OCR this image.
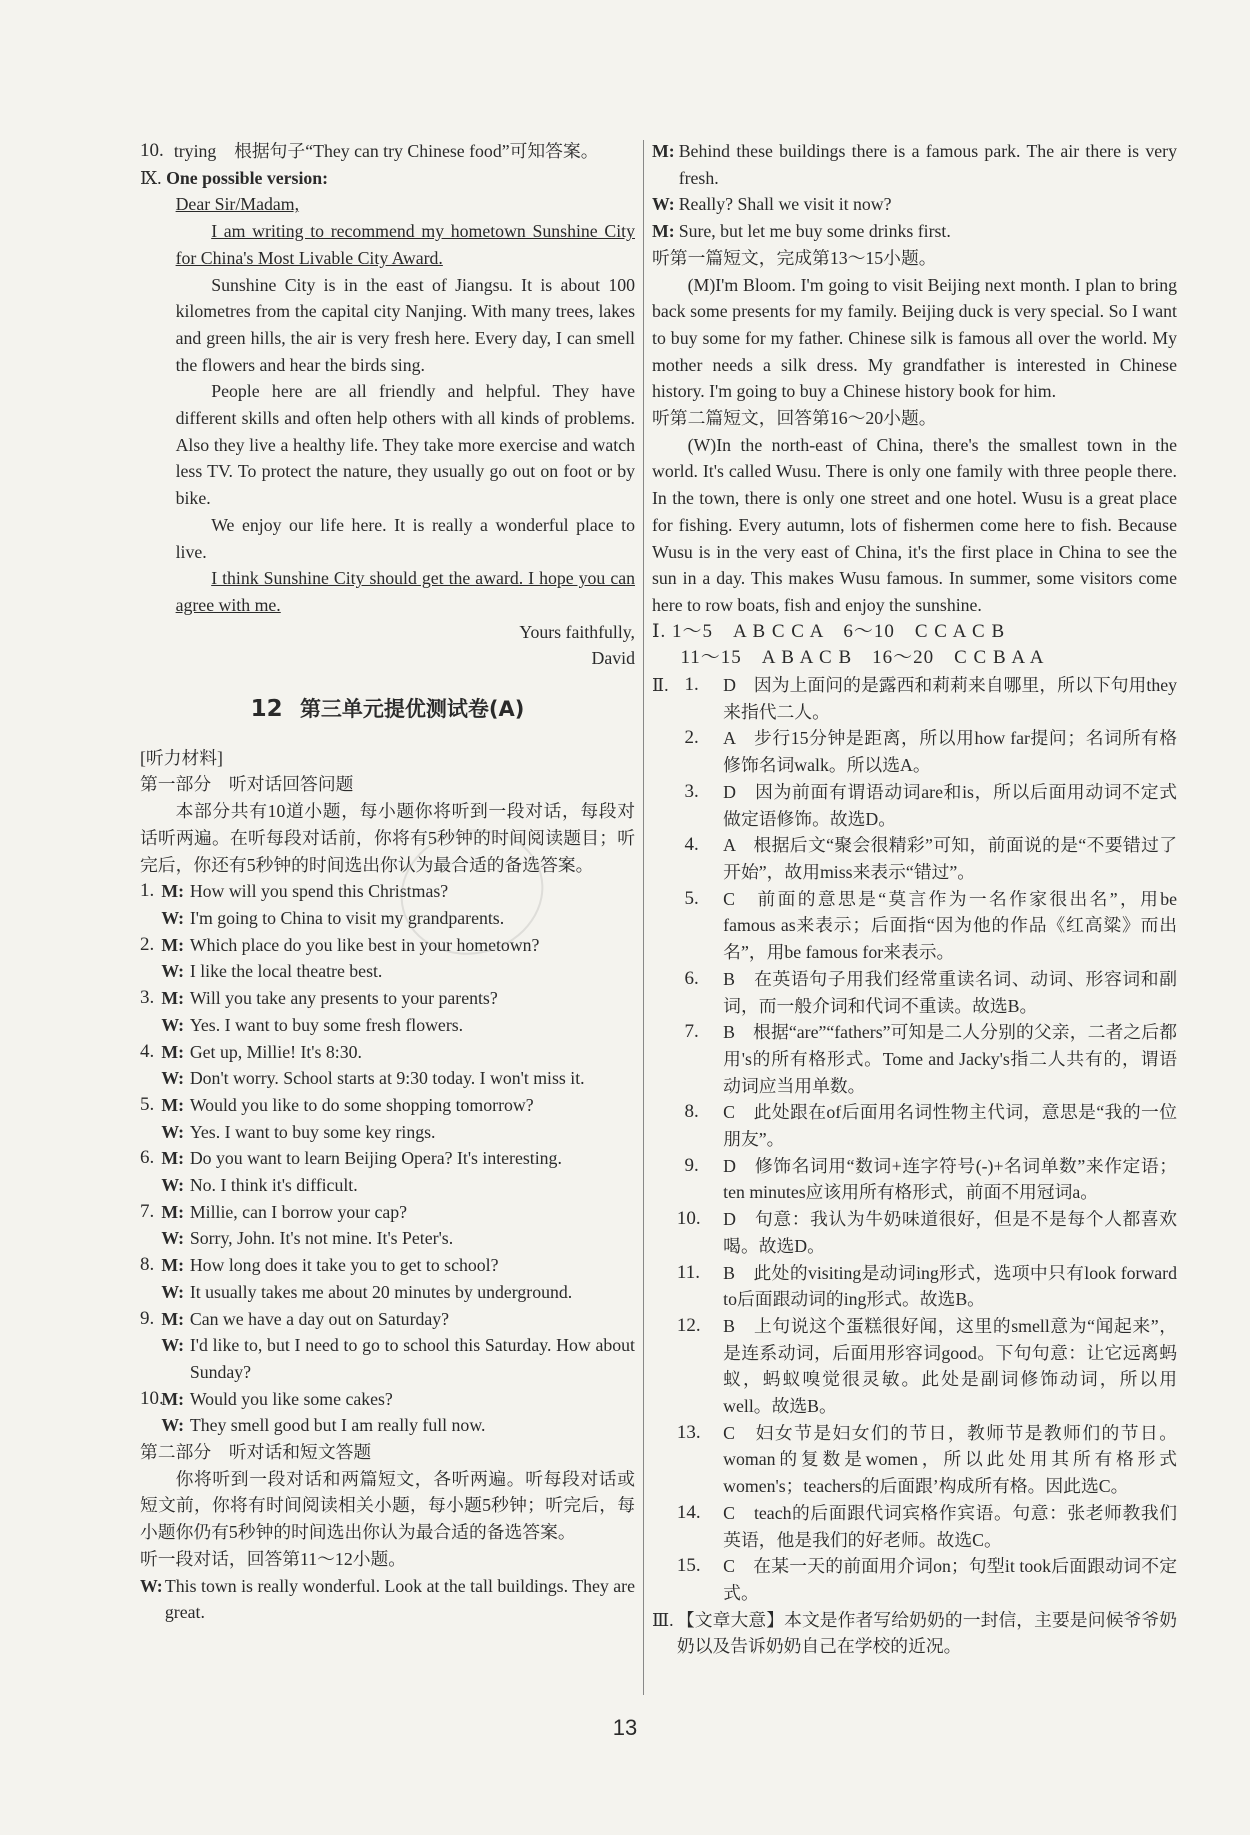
10. trying　根据句子“They can try Chinese food”可知答案。

Ⅸ. One possible version:

Dear Sir/Madam,

I am writing to recommend my hometown Sunshine City for China's Most Livable City Award.

Sunshine City is in the east of Jiangsu. It is about 100 kilometres from the capital city Nanjing. With many trees, lakes and green hills, the air is very fresh here. Every day, I can smell the flowers and hear the birds sing.

People here are all friendly and helpful. They have different skills and often help others with all kinds of problems. Also they live a healthy life. They take more exercise and watch less TV. To protect the nature, they usually go out on foot or by bike.

We enjoy our life here. It is really a wonderful place to live.

I think Sunshine City should get the award. I hope you can agree with me.

Yours faithfully,

David

12 第三单元提优测试卷(A)

[听力材料]

第一部分　听对话回答问题

本部分共有10道小题，每小题你将听到一段对话，每段对话听两遍。在听每段对话前，你将有5秒钟的时间阅读题目；听完后，你还有5秒钟的时间选出你认为最合适的备选答案。

1. M: How will you spend this Christmas?

W: I'm going to China to visit my grandparents.

2. M: Which place do you like best in your hometown?

W: I like the local theatre best.

3. M: Will you take any presents to your parents?

W: Yes. I want to buy some fresh flowers.

4. M: Get up, Millie! It's 8:30.

W: Don't worry. School starts at 9:30 today. I won't miss it.

5. M: Would you like to do some shopping tomorrow?

W: Yes. I want to buy some key rings.

6. M: Do you want to learn Beijing Opera? It's interesting.

W: No. I think it's difficult.

7. M: Millie, can I borrow your cap?

W: Sorry, John. It's not mine. It's Peter's.

8. M: How long does it take you to get to school?

W: It usually takes me about 20 minutes by underground.

9. M: Can we have a day out on Saturday?

W: I'd like to, but I need to go to school this Saturday. How about Sunday?

10.
M: Would you like some cakes?

W: They smell good but I am really full now.

第二部分　听对话和短文答题

你将听到一段对话和两篇短文，各听两遍。听每段对话或短文前，你将有时间阅读相关小题，每小题5秒钟；听完后，每小题你仍有5秒钟的时间选出你认为最合适的备选答案。

听一段对话，回答第11～12小题。

W: This town is really wonderful. Look at the tall buildings. They are great.

M: Behind these buildings there is a famous park. The air there is very fresh.

W: Really? Shall we visit it now?

M: Sure, but let me buy some drinks first.

听第一篇短文，完成第13～15小题。

(M)I'm Bloom. I'm going to visit Beijing next month. I plan to bring back some presents for my family. Beijing duck is very special. So I want to buy some for my father. Chinese silk is famous all over the world. My mother needs a silk dress. My grandfather is interested in Chinese history. I'm going to buy a Chinese history book for him.

听第二篇短文，回答第16～20小题。

(W)In the north-east of China, there's the smallest town in the world. It's called Wusu. There is only one family with three people there. In the town, there is only one street and one hotel. Wusu is a great place for fishing. Every autumn, lots of fishermen come here to fish. Because Wusu is in the very east of China, it's the first place in China to see the sun in a day. This makes Wusu famous. In summer, some visitors come here to row boats, fish and enjoy the sunshine.

Ⅰ. 1～5　A B C C A　6～10　C C A C B

11～15　A B A C B　16～20　C C B A A

Ⅱ. 1. D　因为上面问的是露西和莉莉来自哪里，所以下句用they来指代二人。

2. A　步行15分钟是距离，所以用how far提问；名词所有格修饰名词walk。所以选A。

3. D　因为前面有谓语动词are和is，所以后面用动词不定式做定语修饰。故选D。

4. A　根据后文“聚会很精彩”可知，前面说的是“不要错过了开始”，故用miss来表示“错过”。

5. C　前面的意思是“莫言作为一名作家很出名”，用be famous as来表示；后面指“因为他的作品《红高粱》而出名”，用be famous for来表示。

6. B　在英语句子用我们经常重读名词、动词、形容词和副词，而一般介词和代词不重读。故选B。

7. B　根据“are”“fathers”可知是二人分别的父亲，二者之后都用's的所有格形式。Tome and Jacky's指二人共有的，谓语动词应当用单数。

8. C　此处跟在of后面用名词性物主代词，意思是“我的一位朋友”。

9. D　修饰名词用“数词+连字符号(-)+名词单数”来作定语；ten minutes应该用所有格形式，前面不用冠词a。

10. D　句意：我认为牛奶味道很好，但是不是每个人都喜欢喝。故选D。

11. B　此处的visiting是动词ing形式，选项中只有look forward to后面跟动词的ing形式。故选B。

12. B　上句说这个蛋糕很好闻，这里的smell意为“闻起来”，是连系动词，后面用形容词good。下句句意：让它远离蚂蚁，蚂蚁嗅觉很灵敏。此处是副词修饰动词，所以用well。故选B。

13. C　妇女节是妇女们的节日，教师节是教师们的节日。woman的复数是women，所以此处用其所有格形式women's；teachers的后面跟’构成所有格。因此选C。

14. C　teach的后面跟代词宾格作宾语。句意：张老师教我们英语，他是我们的好老师。故选C。

15. C　在某一天的前面用介词on；句型it took后面跟动词不定式。

Ⅲ. 【文章大意】本文是作者写给奶奶的一封信，主要是问候爷爷奶奶以及告诉奶奶自己在学校的近况。

13
